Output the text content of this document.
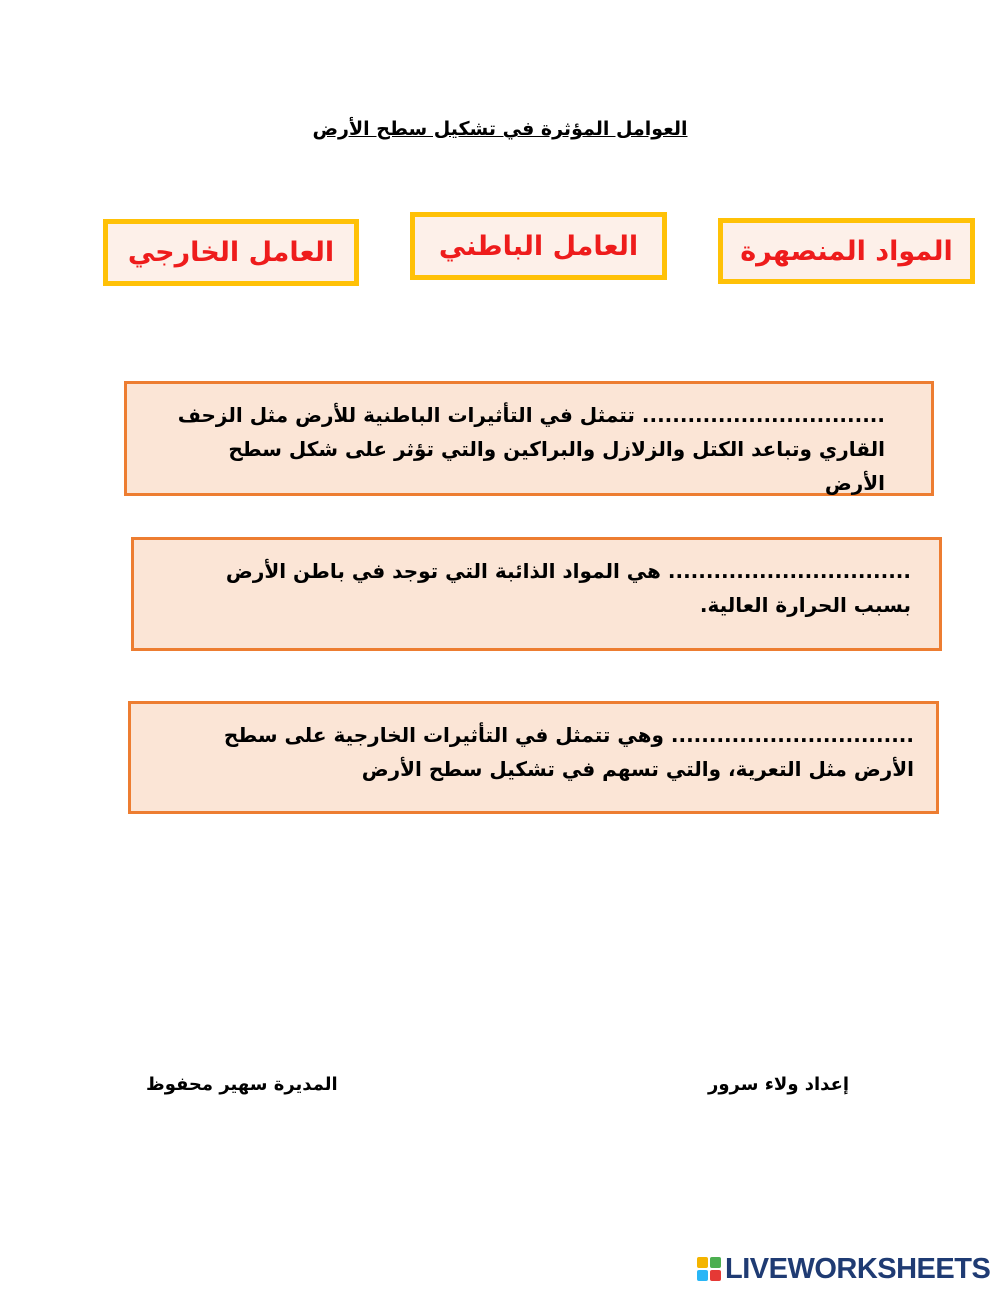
العوامل المؤثرة في تشكيل سطح الأرض
العامل الخارجي	العامل الباطني	المواد المنصهرة
................................ تتمثل في التأثيرات الباطنية للأرض مثل الزحف القاري وتباعد الكتل والزلازل والبراكين والتي تؤثر على شكل سطح الأرض
................................ هي المواد الذائبة التي توجد في باطن الأرض بسبب الحرارة العالية.
................................ وهي تتمثل في التأثيرات الخارجية على سطح الأرض مثل التعرية، والتي تسهم في تشكيل سطح الأرض
إعداد ولاء سرور
المديرة سهير محفوظ
LIVEWORKSHEETS
